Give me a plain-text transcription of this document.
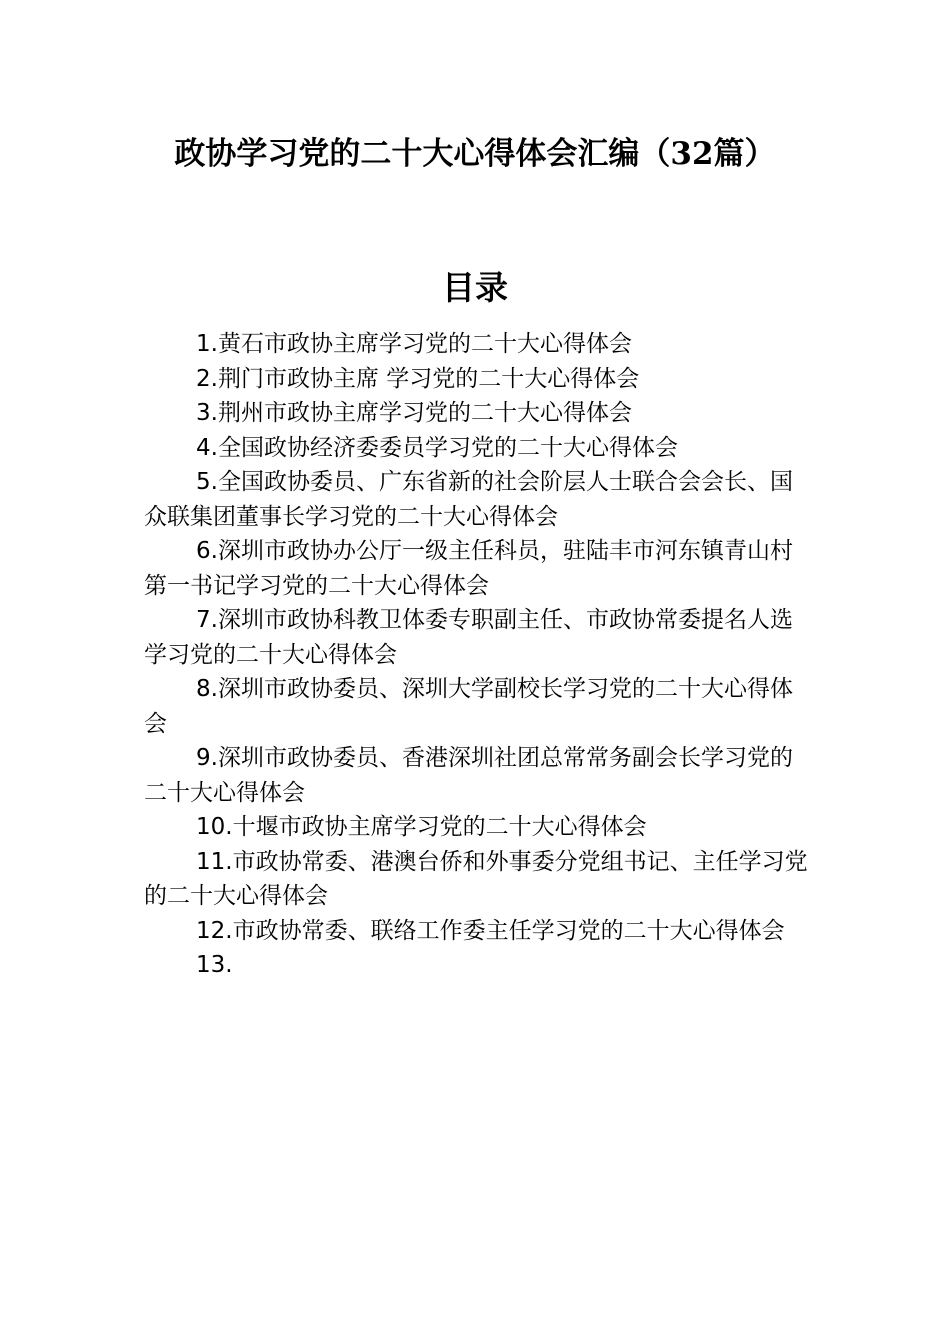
政协学习党的二十大心得体会汇编（32篇）
目录
1.黄石市政协主席学习党的二十大心得体会
2.荆门市政协主席 学习党的二十大心得体会
3.荆州市政协主席学习党的二十大心得体会
4.全国政协经济委委员学习党的二十大心得体会
5.全国政协委员、广东省新的社会阶层人士联合会会长、国众联集团董事长学习党的二十大心得体会
6.深圳市政协办公厅一级主任科员，驻陆丰市河东镇青山村第一书记学习党的二十大心得体会
7.深圳市政协科教卫体委专职副主任、市政协常委提名人选学习党的二十大心得体会
8.深圳市政协委员、深圳大学副校长学习党的二十大心得体会
9.深圳市政协委员、香港深圳社团总常常务副会长学习党的二十大心得体会
10.十堰市政协主席学习党的二十大心得体会
11.市政协常委、港澳台侨和外事委分党组书记、主任学习党的二十大心得体会
12.市政协常委、联络工作委主任学习党的二十大心得体会
13.
